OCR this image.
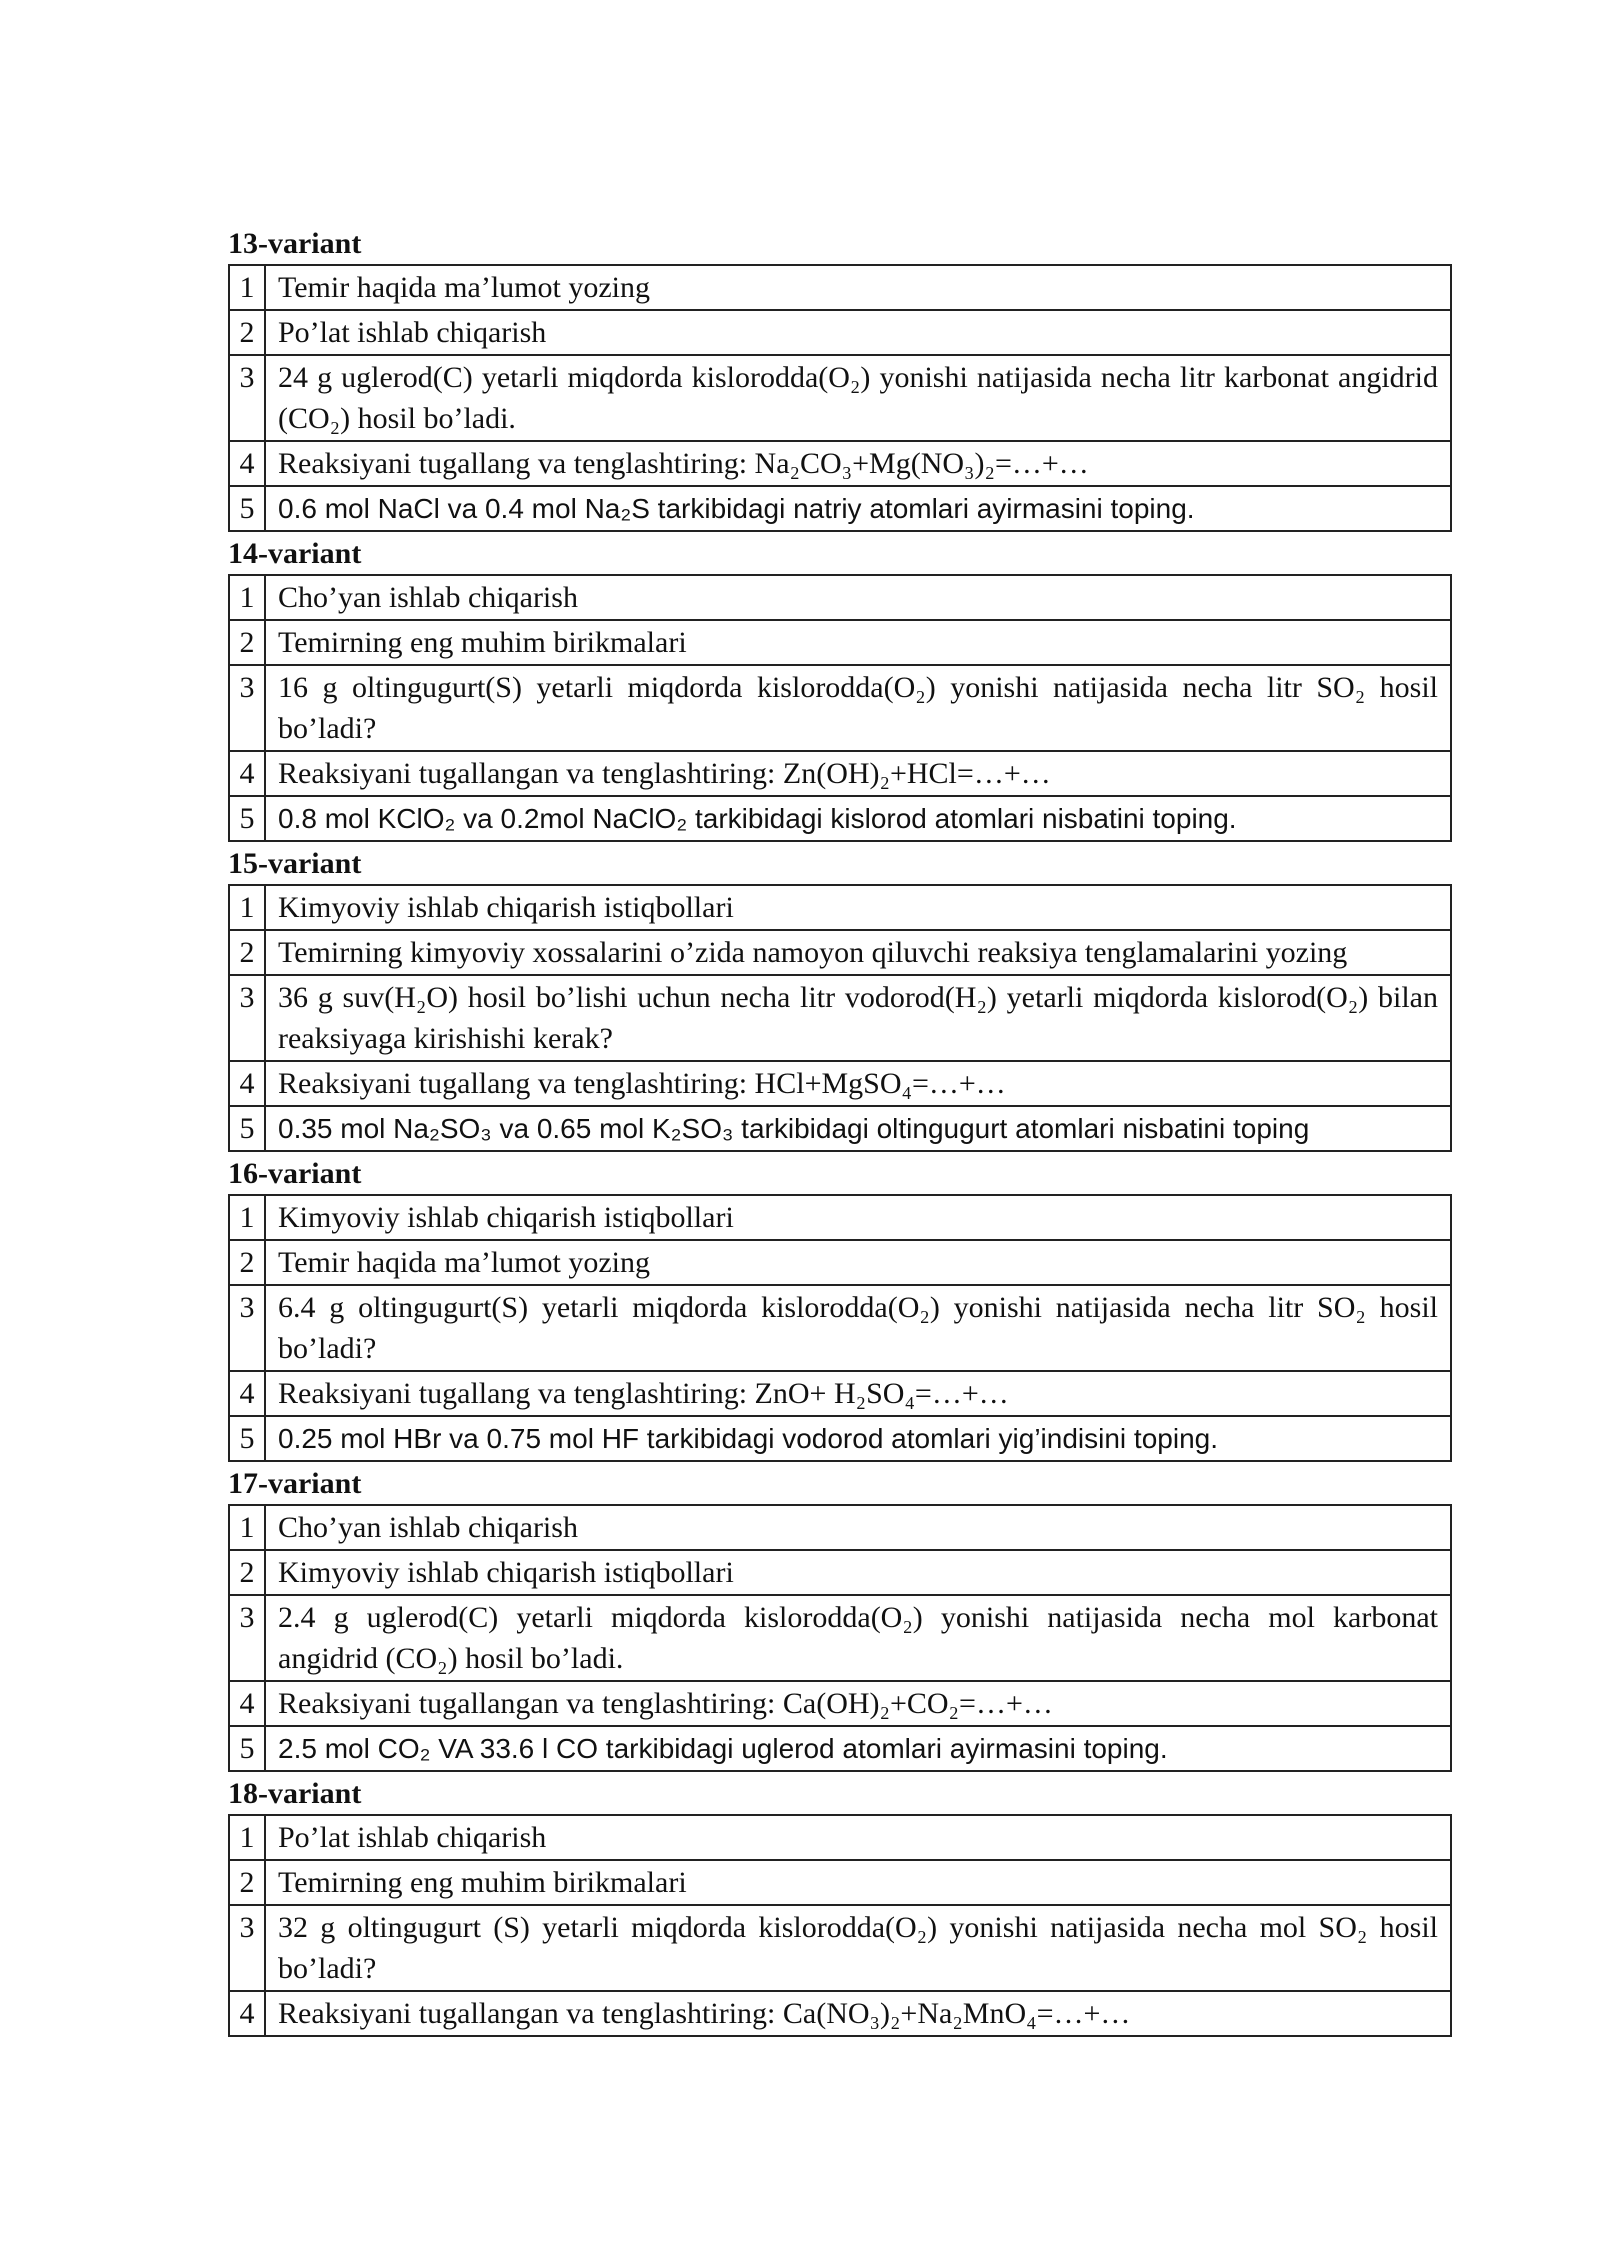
13-variant
1	Temir haqida ma’lumot yozing
2	Po’lat ishlab chiqarish
3	24 g uglerod(C) yetarli miqdorda kislorodda(O₂) yonishi natijasida necha litr karbonat angidrid (CO₂) hosil bo’ladi.
4	Reaksiyani tugallang va tenglashtiring: Na₂CO₃+Mg(NO₃)₂=…+…
5	0.6 mol NaCl va 0.4 mol Na₂S tarkibidagi natriy atomlari ayirmasini toping.
14-variant
1	Cho’yan ishlab chiqarish
2	Temirning eng muhim birikmalari
3	16 g oltingugurt(S) yetarli miqdorda kislorodda(O₂) yonishi natijasida necha litr SO₂ hosil bo’ladi?
4	Reaksiyani tugallangan va tenglashtiring: Zn(OH)₂+HCl=…+…
5	0.8 mol KClO₂ va 0.2mol NaClO₂ tarkibidagi kislorod atomlari nisbatini toping.
15-variant
1	Kimyoviy ishlab chiqarish istiqbollari
2	Temirning kimyoviy xossalarini o’zida namoyon qiluvchi reaksiya tenglamalarini yozing
3	36 g suv(H₂O) hosil bo’lishi uchun necha litr vodorod(H₂) yetarli miqdorda kislorod(O₂) bilan reaksiyaga kirishishi kerak?
4	Reaksiyani tugallang va tenglashtiring: HCl+MgSO₄=…+…
5	0.35 mol Na₂SO₃ va 0.65 mol K₂SO₃ tarkibidagi oltingugurt atomlari nisbatini toping
16-variant
1	Kimyoviy ishlab chiqarish istiqbollari
2	Temir haqida ma’lumot yozing
3	6.4 g oltingugurt(S) yetarli miqdorda kislorodda(O₂) yonishi natijasida necha litr SO₂ hosil bo’ladi?
4	Reaksiyani tugallang va tenglashtiring: ZnO+ H₂SO₄=…+…
5	0.25 mol HBr va 0.75 mol HF tarkibidagi vodorod atomlari yig’indisini toping.
17-variant
1	Cho’yan ishlab chiqarish
2	Kimyoviy ishlab chiqarish istiqbollari
3	2.4 g uglerod(C) yetarli miqdorda kislorodda(O₂) yonishi natijasida necha mol karbonat angidrid (CO₂) hosil bo’ladi.
4	Reaksiyani tugallangan va tenglashtiring: Ca(OH)₂+CO₂=…+…
5	2.5 mol CO₂ VA 33.6 l CO tarkibidagi uglerod atomlari ayirmasini toping.
18-variant
1	Po’lat ishlab chiqarish
2	Temirning eng muhim birikmalari
3	32 g oltingugurt (S) yetarli miqdorda kislorodda(O₂) yonishi natijasida necha mol SO₂ hosil bo’ladi?
4	Reaksiyani tugallangan va tenglashtiring: Ca(NO₃)₂+Na₂MnO₄=…+…
